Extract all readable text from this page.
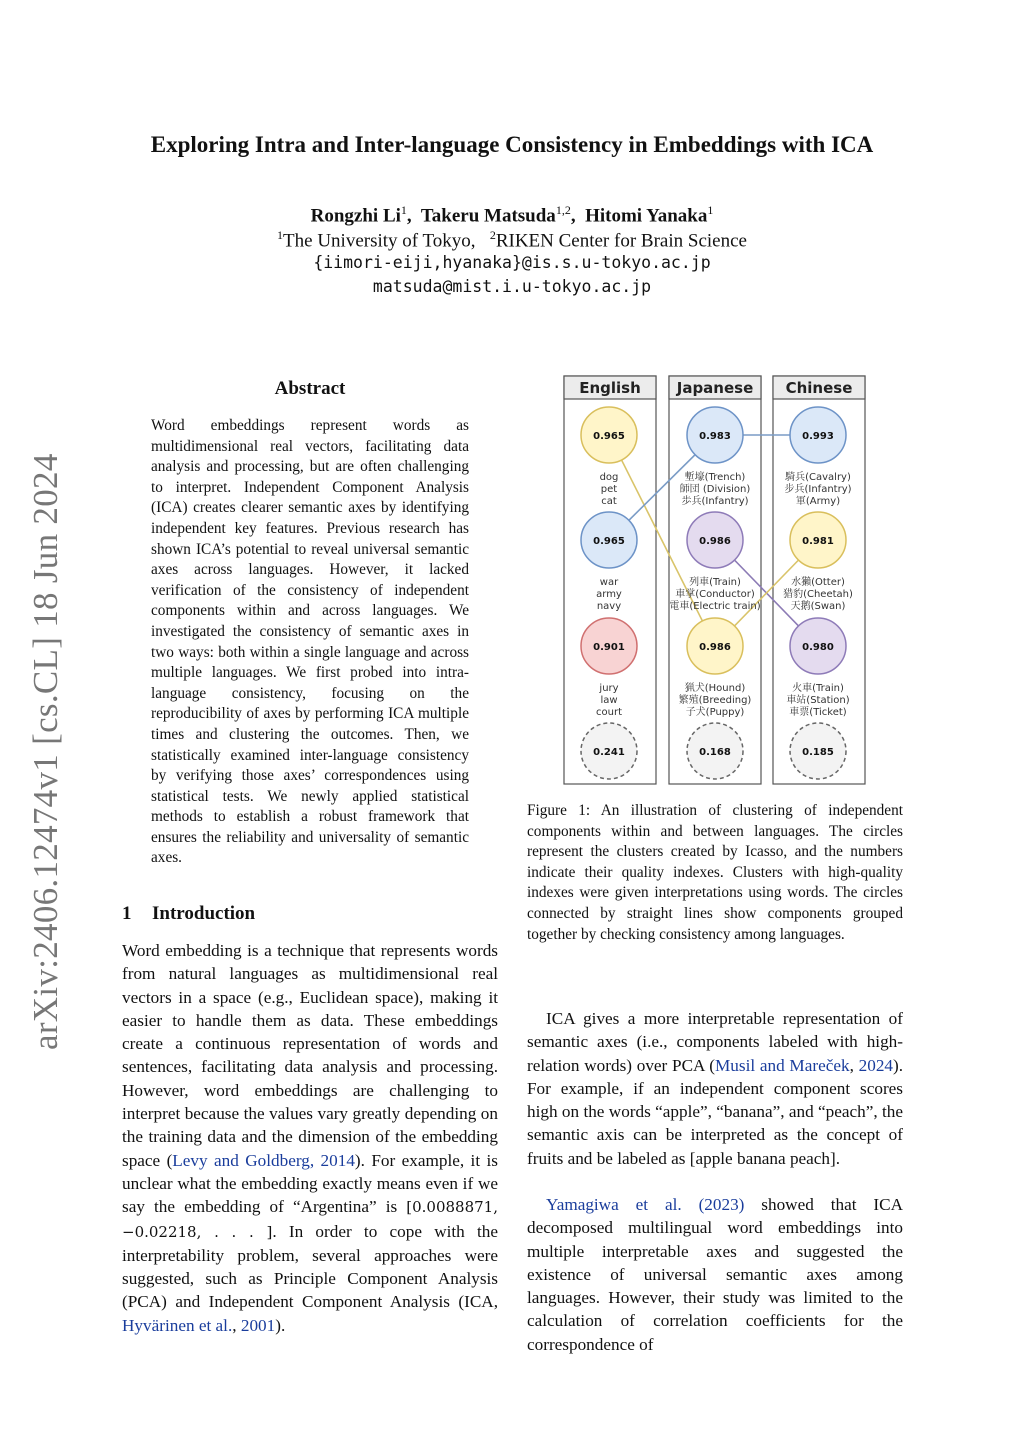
Exploring Intra and Inter-language Consistency in Embeddings with ICA
Rongzhi Li$^1$,  Takeru Matsuda$^{1,2}$,  Hitomi Yanaka$^1$
$^1$The University of Tokyo, $^2$RIKEN Center for Brain Science
{iimori-eiji,hyanaka}@is.s.u-tokyo.ac.jp
matsuda@mist.i.u-tokyo.ac.jp
arXiv:2406.12474v1 [cs.CL] 18 Jun 2024
Abstract
Word embeddings represent words as multidimensional real vectors, facilitating data analysis and processing, but are often challenging to interpret. Independent Component Analysis (ICA) creates clearer semantic axes by identifying independent key features. Previous research has shown ICA’s potential to reveal universal semantic axes across languages. However, it lacked verification of the consistency of independent components within and across languages. We investigated the consistency of semantic axes in two ways: both within a single language and across multiple languages. We first probed into intra-language consistency, focusing on the reproducibility of axes by performing ICA multiple times and clustering the outcomes. Then, we statistically examined inter-language consistency by verifying those axes’ correspondences using statistical tests. We newly applied statistical methods to establish a robust framework that ensures the reliability and universality of semantic axes.
1 Introduction
Word embedding is a technique that represents words from natural languages as multidimensional real vectors in a space (e.g., Euclidean space), making it easier to handle them as data. These embeddings create a continuous representation of words and sentences, facilitating data analysis and processing. However, word embeddings are challenging to interpret because the values vary greatly depending on the training data and the dimension of the embedding space (Levy and Goldberg, 2014). For example, it is unclear what the embedding exactly means even if we say the embedding of “Argentina” is [0.0088871, −0.02218, . . . ]. In order to cope with the interpretability problem, several approaches were suggested, such as Principle Component Analysis (PCA) and Independent Component Analysis (ICA, Hyvärinen et al., 2001).
English Japanese Chinese
0.965
0.965
0.901
0.241
0.983
0.986
0.986
0.168
0.993
0.981
0.980
0.185
dog
pet
cat
war
army
navy
jury
law
court
塹壕(Trench)
師団 (Division)
歩兵(Infantry)
列車(Train)
車掌(Conductor)
電車(Electric train)
猟犬(Hound)
繁殖(Breeding)
子犬(Puppy)
騎兵(Cavalry)
步兵(Infantry)
軍(Army)
水獺(Otter)
猎豹(Cheetah)
天鹅(Swan)
火車(Train)
車站(Station)
車票(Ticket)
Figure 1: An illustration of clustering of independent components within and between languages. The circles represent the clusters created by Icasso, and the numbers indicate their quality indexes. Clusters with high-quality indexes were given interpretations using words. The circles connected by straight lines show components grouped together by checking consistency among languages.
ICA gives a more interpretable representation of semantic axes (i.e., components labeled with high-relation words) over PCA (Musil and Mareček, 2024). For example, if an independent component scores high on the words “apple”, “banana”, and “peach”, the semantic axis can be interpreted as the concept of fruits and be labeled as [apple banana peach].
Yamagiwa et al. (2023) showed that ICA decomposed multilingual word embeddings into multiple interpretable axes and suggested the existence of universal semantic axes among languages. However, their study was limited to the calculation of correlation coefficients for the correspondence of
